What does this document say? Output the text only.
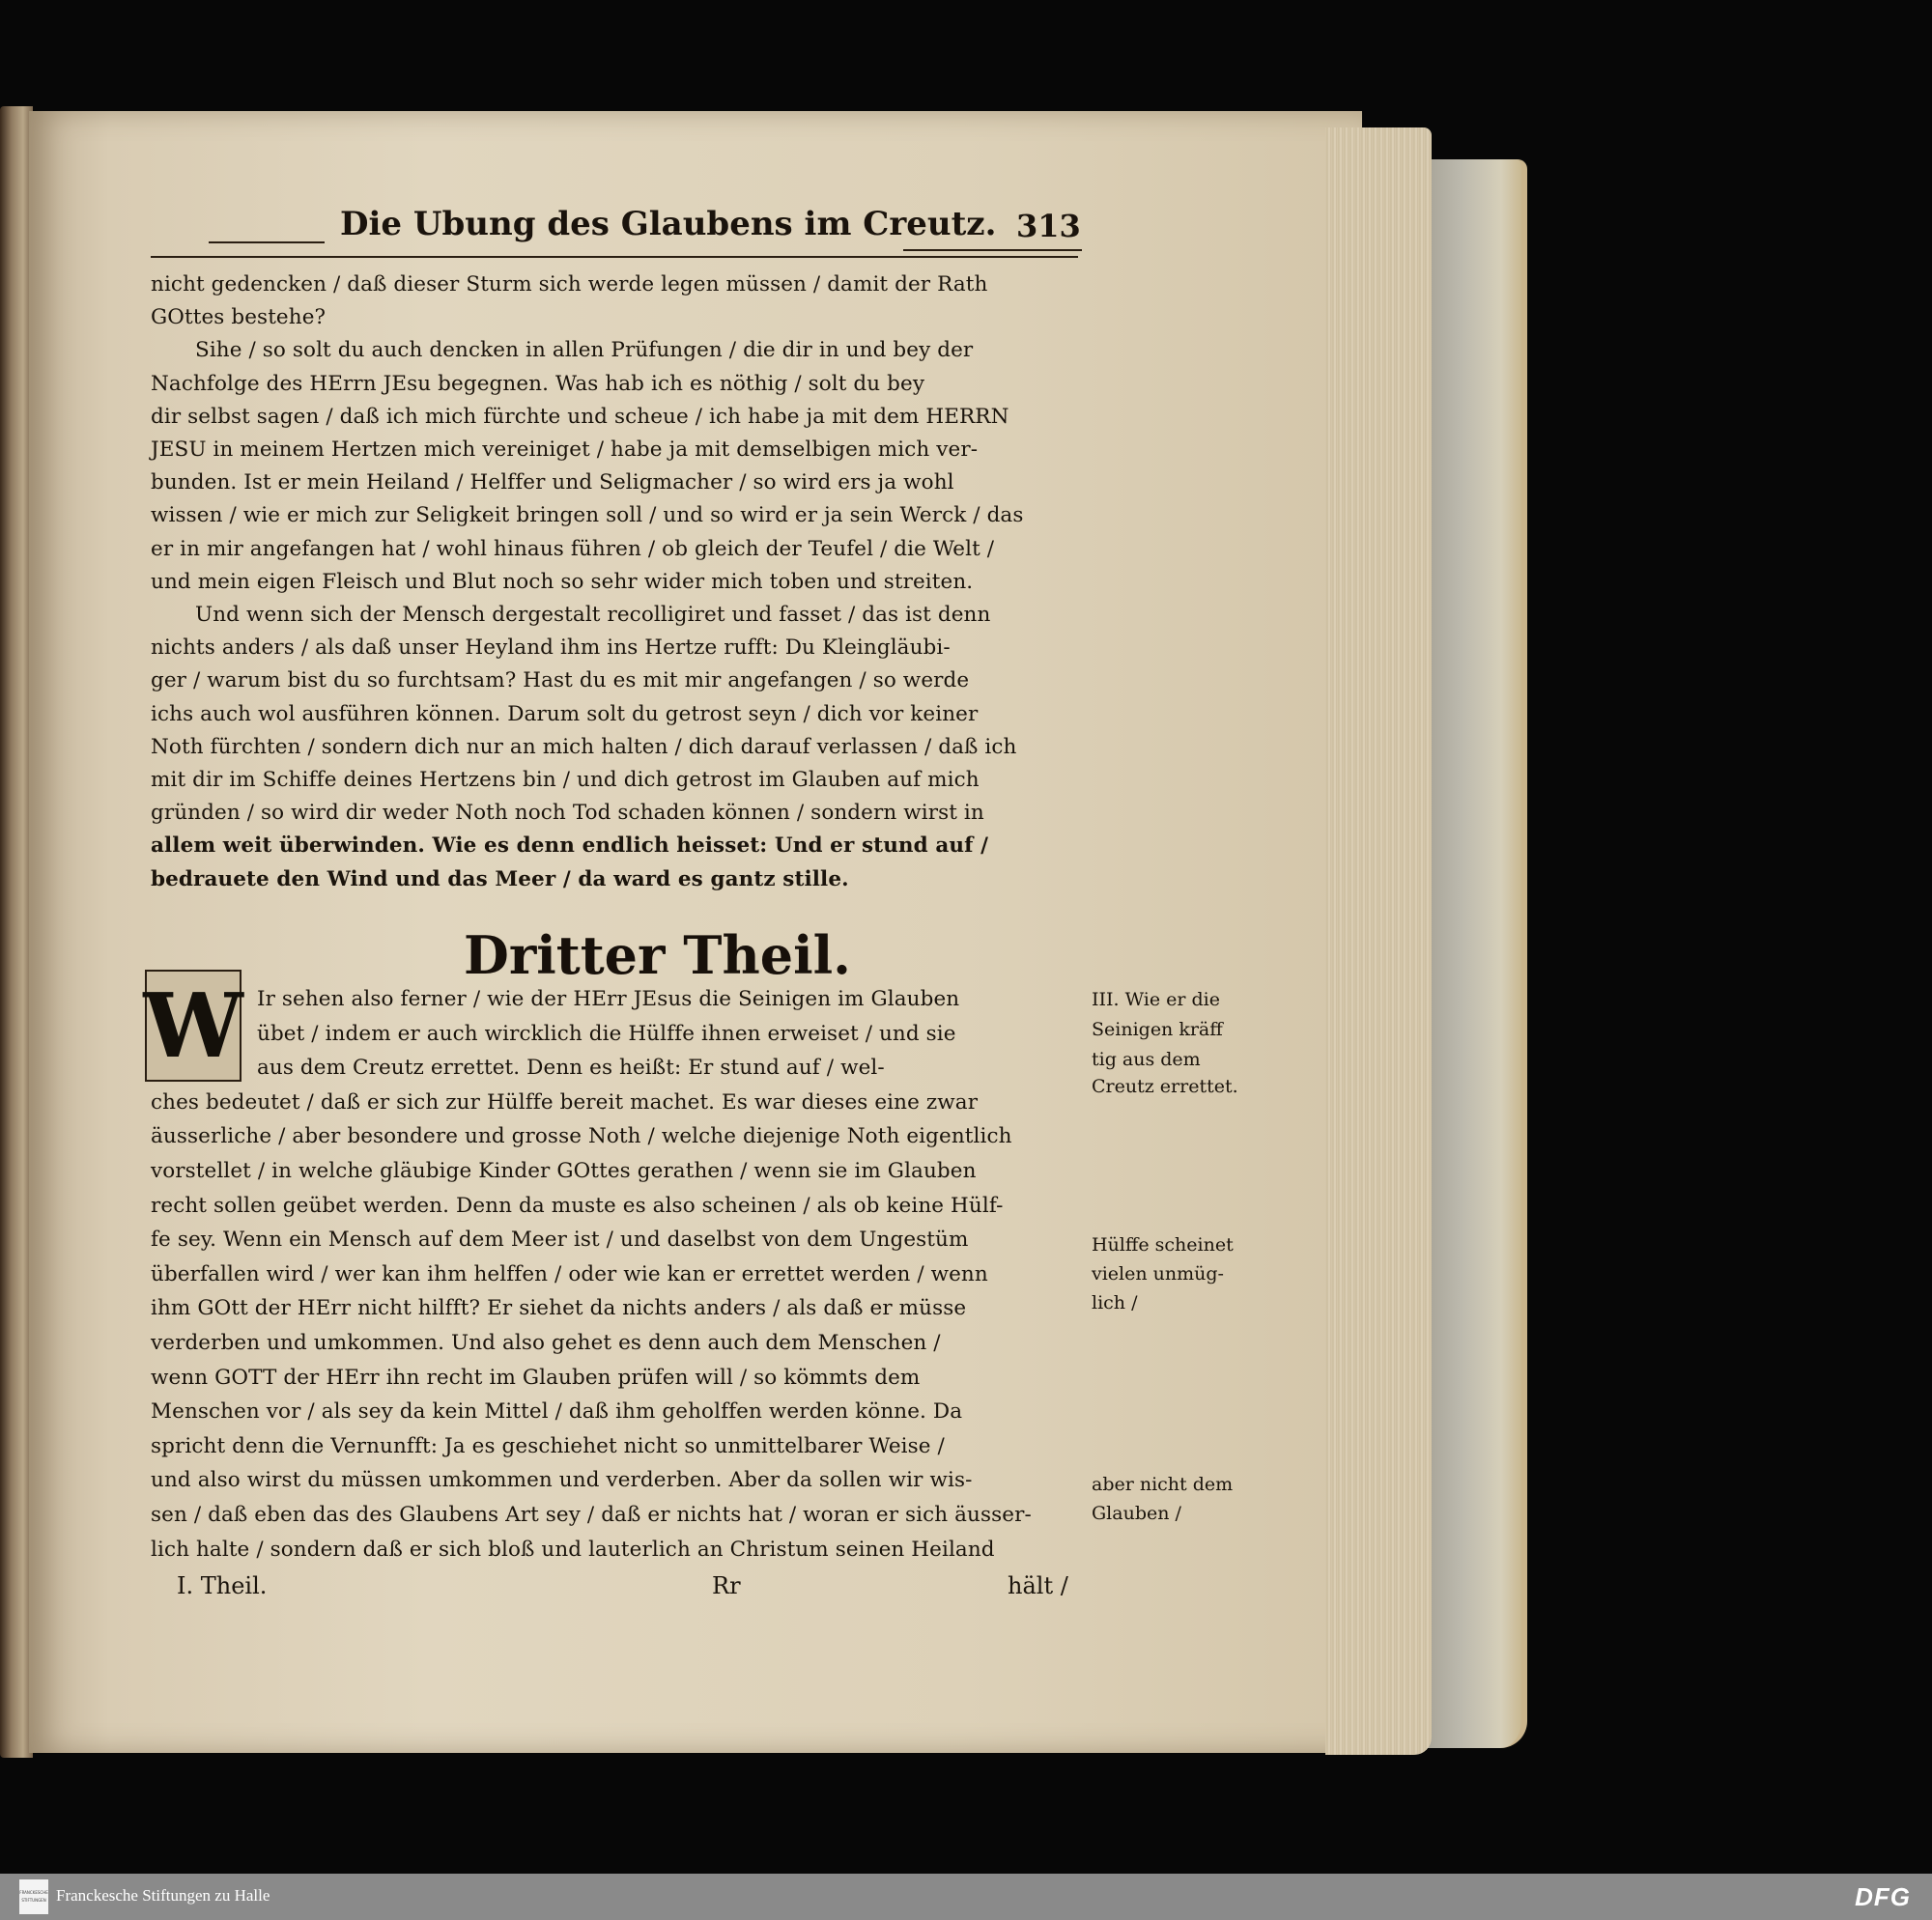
Die Ubung des Glaubens im Creutz. 313
nicht gedencken / daß dieser Sturm sich werde legen müssen / damit der Rath
GOttes bestehe?
Sihe / so solt du auch dencken in allen Prüfungen / die dir in und bey der
Nachfolge des HErrn JEsu begegnen. Was hab ich es nöthig / solt du bey
dir selbst sagen / daß ich mich fürchte und scheue / ich habe ja mit dem HERRN
JESU in meinem Hertzen mich vereiniget / habe ja mit demselbigen mich ver-
bunden. Ist er mein Heiland / Helffer und Seligmacher / so wird ers ja wohl
wissen / wie er mich zur Seligkeit bringen soll / und so wird er ja sein Werck / das
er in mir angefangen hat / wohl hinaus führen / ob gleich der Teufel / die Welt /
und mein eigen Fleisch und Blut noch so sehr wider mich toben und streiten.
Und wenn sich der Mensch dergestalt recolligiret und fasset / das ist denn
nichts anders / als daß unser Heyland ihm ins Hertze rufft: Du Kleingläubi-
ger / warum bist du so furchtsam? Hast du es mit mir angefangen / so werde
ichs auch wol ausführen können. Darum solt du getrost seyn / dich vor keiner
Noth fürchten / sondern dich nur an mich halten / dich darauf verlassen / daß ich
mit dir im Schiffe deines Hertzens bin / und dich getrost im Glauben auf mich
gründen / so wird dir weder Noth noch Tod schaden können / sondern wirst in
allem weit überwinden. Wie es denn endlich heisset: Und er stund auf /
bedrauete den Wind und das Meer / da ward es gantz stille.
Dritter Theil.
W Ir sehen also ferner / wie der HErr JEsus die Seinigen im Glauben
übet / indem er auch wircklich die Hülffe ihnen erweiset / und sie
aus dem Creutz errettet. Denn es heißt: Er stund auf / wel-
ches bedeutet / daß er sich zur Hülffe bereit machet. Es war dieses eine zwar
äusserliche / aber besondere und grosse Noth / welche diejenige Noth eigentlich
vorstellet / in welche gläubige Kinder GOttes gerathen / wenn sie im Glauben
recht sollen geübet werden. Denn da muste es also scheinen / als ob keine Hülf-
fe sey. Wenn ein Mensch auf dem Meer ist / und daselbst von dem Ungestüm
überfallen wird / wer kan ihm helffen / oder wie kan er errettet werden / wenn
ihm GOtt der HErr nicht hilfft? Er siehet da nichts anders / als daß er müsse
verderben und umkommen. Und also gehet es denn auch dem Menschen /
wenn GOTT der HErr ihn recht im Glauben prüfen will / so kömmts dem
Menschen vor / als sey da kein Mittel / daß ihm geholffen werden könne. Da
spricht denn die Vernunfft: Ja es geschiehet nicht so unmittelbarer Weise /
und also wirst du müssen umkommen und verderben. Aber da sollen wir wis-
sen / daß eben das des Glaubens Art sey / daß er nichts hat / woran er sich äusser-
lich halte / sondern daß er sich bloß und lauterlich an Christum seinen Heiland
III. Wie er die
Seinigen kräff
tig aus dem
Creutz errettet.
Hülffe scheinet
vielen unmüg-
lich /
aber nicht dem
Glauben /
I. Theil.	Rr	hält /
FRANCKESCHE
STIFTUNGEN Franckesche Stiftungen zu Halle	DFG
